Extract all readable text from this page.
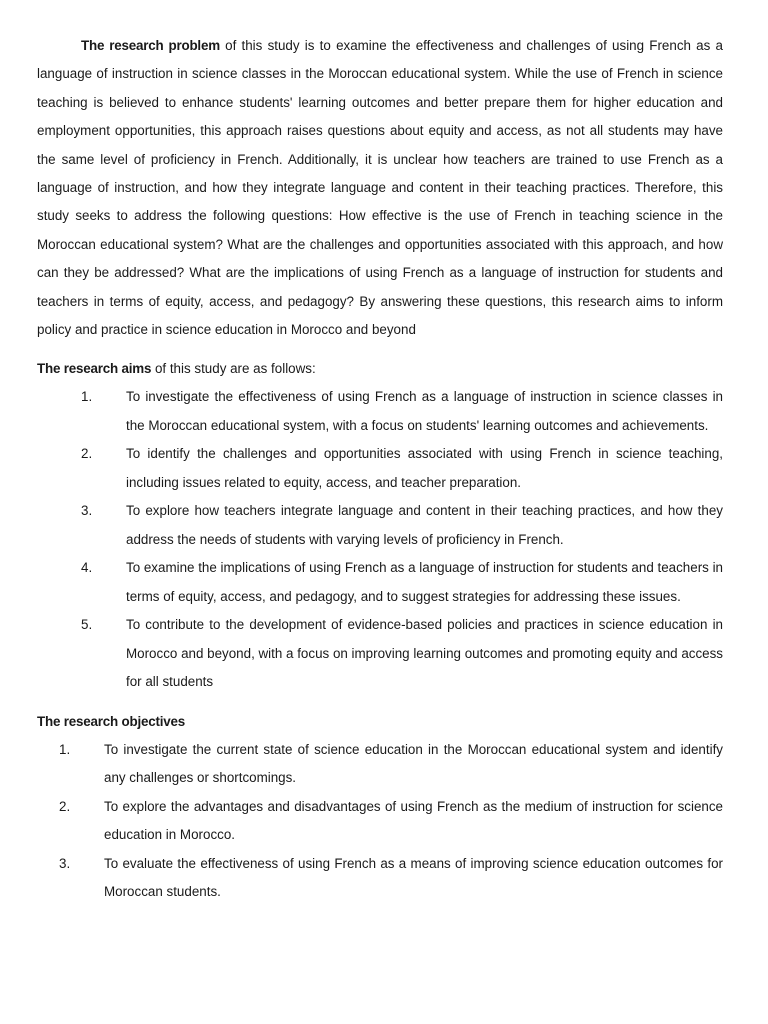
The research problem of this study is to examine the effectiveness and challenges of using French as a language of instruction in science classes in the Moroccan educational system. While the use of French in science teaching is believed to enhance students' learning outcomes and better prepare them for higher education and employment opportunities, this approach raises questions about equity and access, as not all students may have the same level of proficiency in French. Additionally, it is unclear how teachers are trained to use French as a language of instruction, and how they integrate language and content in their teaching practices. Therefore, this study seeks to address the following questions: How effective is the use of French in teaching science in the Moroccan educational system? What are the challenges and opportunities associated with this approach, and how can they be addressed? What are the implications of using French as a language of instruction for students and teachers in terms of equity, access, and pedagogy? By answering these questions, this research aims to inform policy and practice in science education in Morocco and beyond

The research aims of this study are as follows:

1.	To investigate the effectiveness of using French as a language of instruction in science classes in the Moroccan educational system, with a focus on students' learning outcomes and achievements.
2.	To identify the challenges and opportunities associated with using French in science teaching, including issues related to equity, access, and teacher preparation.
3.	To explore how teachers integrate language and content in their teaching practices, and how they address the needs of students with varying levels of proficiency in French.
4.	To examine the implications of using French as a language of instruction for students and teachers in terms of equity, access, and pedagogy, and to suggest strategies for addressing these issues.
5.	To contribute to the development of evidence-based policies and practices in science education in Morocco and beyond, with a focus on improving learning outcomes and promoting equity and access for all students

The research objectives

1.	To investigate the current state of science education in the Moroccan educational system and identify any challenges or shortcomings.
2.	To explore the advantages and disadvantages of using French as the medium of instruction for science education in Morocco.
3.	To evaluate the effectiveness of using French as a means of improving science education outcomes for Moroccan students.
